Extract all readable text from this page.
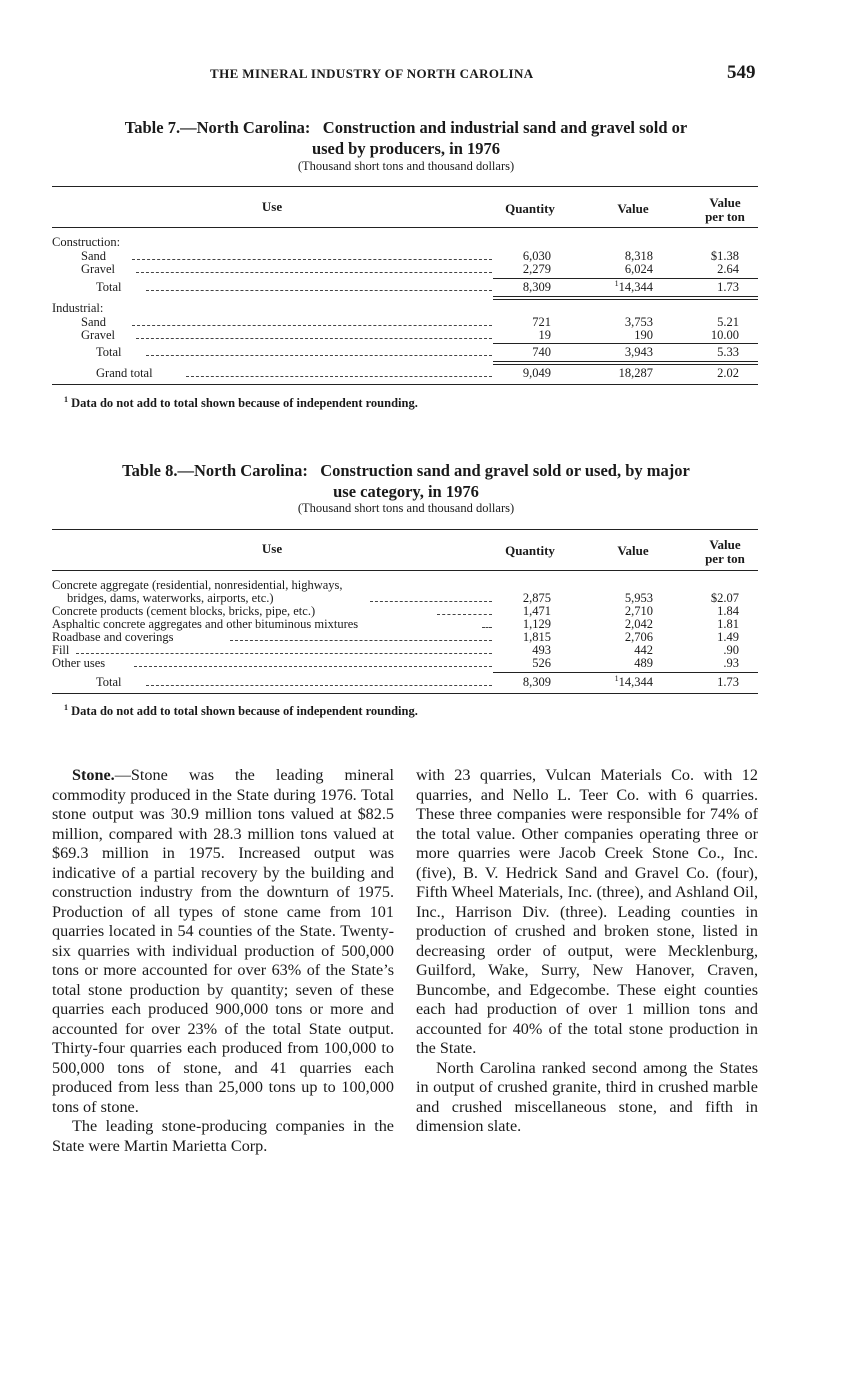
THE MINERAL INDUSTRY OF NORTH CAROLINA	549
Table 7.—North Carolina:   Construction and industrial sand and gravel sold or
used by producers, in 1976
(Thousand short tons and thousand dollars)
Use	Quantity	Value	Value
per ton
Construction:
Sand	6,030	8,318	$1.38
Gravel	2,279	6,024	2.64
Total	8,309	$^1$14,344	1.73
Industrial:
Sand	721	3,753	5.21
Gravel	19	190	10.00
Total	740	3,943	5.33
Grand total	9,049	18,287	2.02
$^1$ Data do not add to total shown because of independent rounding.
Table 8.—North Carolina:   Construction sand and gravel sold or used, by major
use category, in 1976
(Thousand short tons and thousand dollars)
Use	Quantity	Value	Value
per ton
Concrete aggregate (residential, nonresidential, highways,
bridges, dams, waterworks, airports, etc.)	2,875	5,953	$2.07
Concrete products (cement blocks, bricks, pipe, etc.)	1,471	2,710	1.84
Asphaltic concrete aggregates and other bituminous mixtures	1,129	2,042	1.81
Roadbase and coverings	1,815	2,706	1.49
Fill	493	442	.90
Other uses	526	489	.93
Total	8,309	$^1$14,344	1.73
$^1$ Data do not add to total shown because of independent rounding.

Stone.—Stone was the leading mineral commodity produced in the State during 1976. Total stone output was 30.9 million tons valued at $82.5 million, compared with 28.3 million tons valued at $69.3 million in 1975. Increased output was indicative of a partial recovery by the building and construction industry from the downturn of 1975. Production of all types of stone came from 101 quarries located in 54 counties of the State. Twenty-six quarries with individual production of 500,000 tons or more accounted for over 63% of the State’s total stone production by quantity; seven of these quarries each produced 900,000 tons or more and accounted for over 23% of the total State output. Thirty-four quarries each produced from 100,000 to 500,000 tons of stone, and 41 quarries each produced from less than 25,000 tons up to 100,000 tons of stone.

The leading stone-producing companies in the State were Martin Marietta Corp.

with 23 quarries, Vulcan Materials Co. with 12 quarries, and Nello L. Teer Co. with 6 quarries. These three companies were responsible for 74% of the total value. Other companies operating three or more quarries were Jacob Creek Stone Co., Inc. (five), B. V. Hedrick Sand and Gravel Co. (four), Fifth Wheel Materials, Inc. (three), and Ashland Oil, Inc., Harrison Div. (three). Leading counties in production of crushed and broken stone, listed in decreasing order of output, were Mecklenburg, Guilford, Wake, Surry, New Hanover, Craven, Buncombe, and Edgecombe. These eight counties each had production of over 1 million tons and accounted for 40% of the total stone production in the State.

North Carolina ranked second among the States in output of crushed granite, third in crushed marble and crushed miscellaneous stone, and fifth in dimension slate.
